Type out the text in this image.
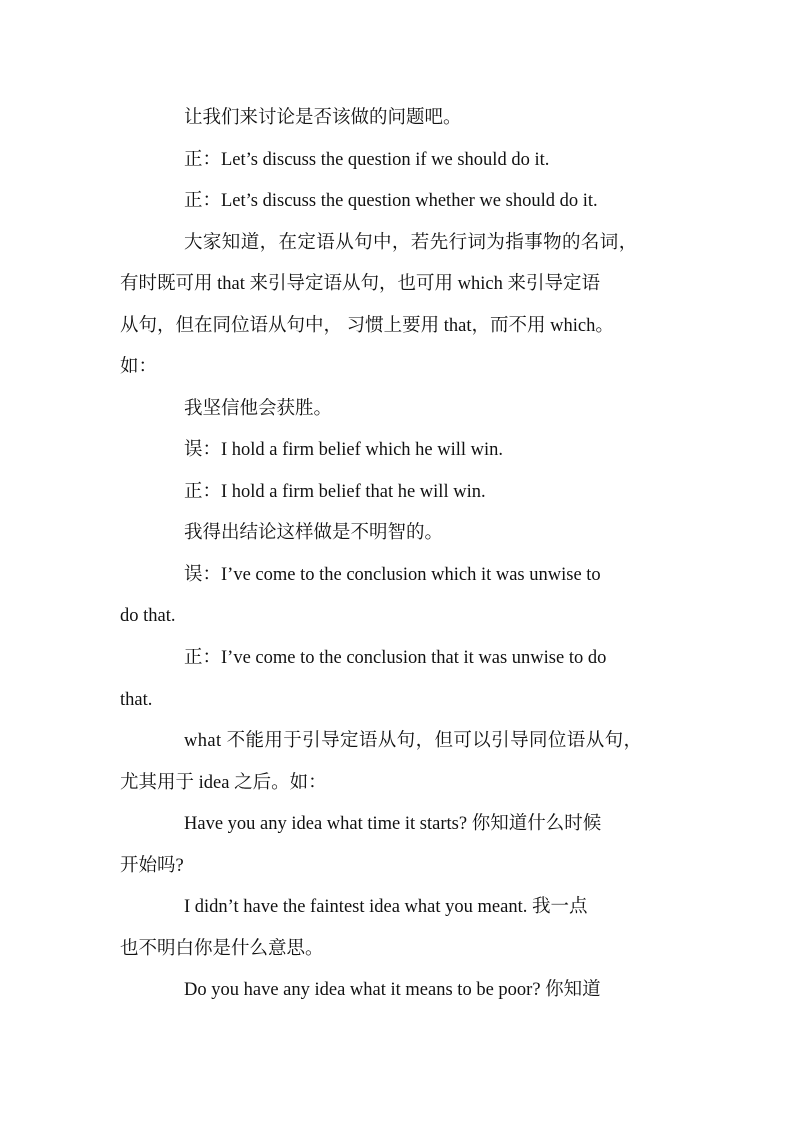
让我们来讨论是否该做的问题吧。
正：Let’s discuss the question if we should do it.
正：Let’s discuss the question whether we should do it.
大家知道，在定语从句中，若先行词为指事物的名词，
有时既可用 that 来引导定语从句，也可用 which 来引导定语
从句，但在同位语从句中， 习惯上要用 that，而不用 which。
如：
我坚信他会获胜。
误：I hold a firm belief which he will win.
正：I hold a firm belief that he will win.
我得出结论这样做是不明智的。
误：I’ve come to the conclusion which it was unwise to
do that.
正：I’ve come to the conclusion that it was unwise to do
that.
what 不能用于引导定语从句，但可以引导同位语从句，
尤其用于 idea 之后。如：
Have you any idea what time it starts? 你知道什么时候
开始吗?
I didn’t have the faintest idea what you meant. 我一点
也不明白你是什么意思。
Do you have any idea what it means to be poor? 你知道
